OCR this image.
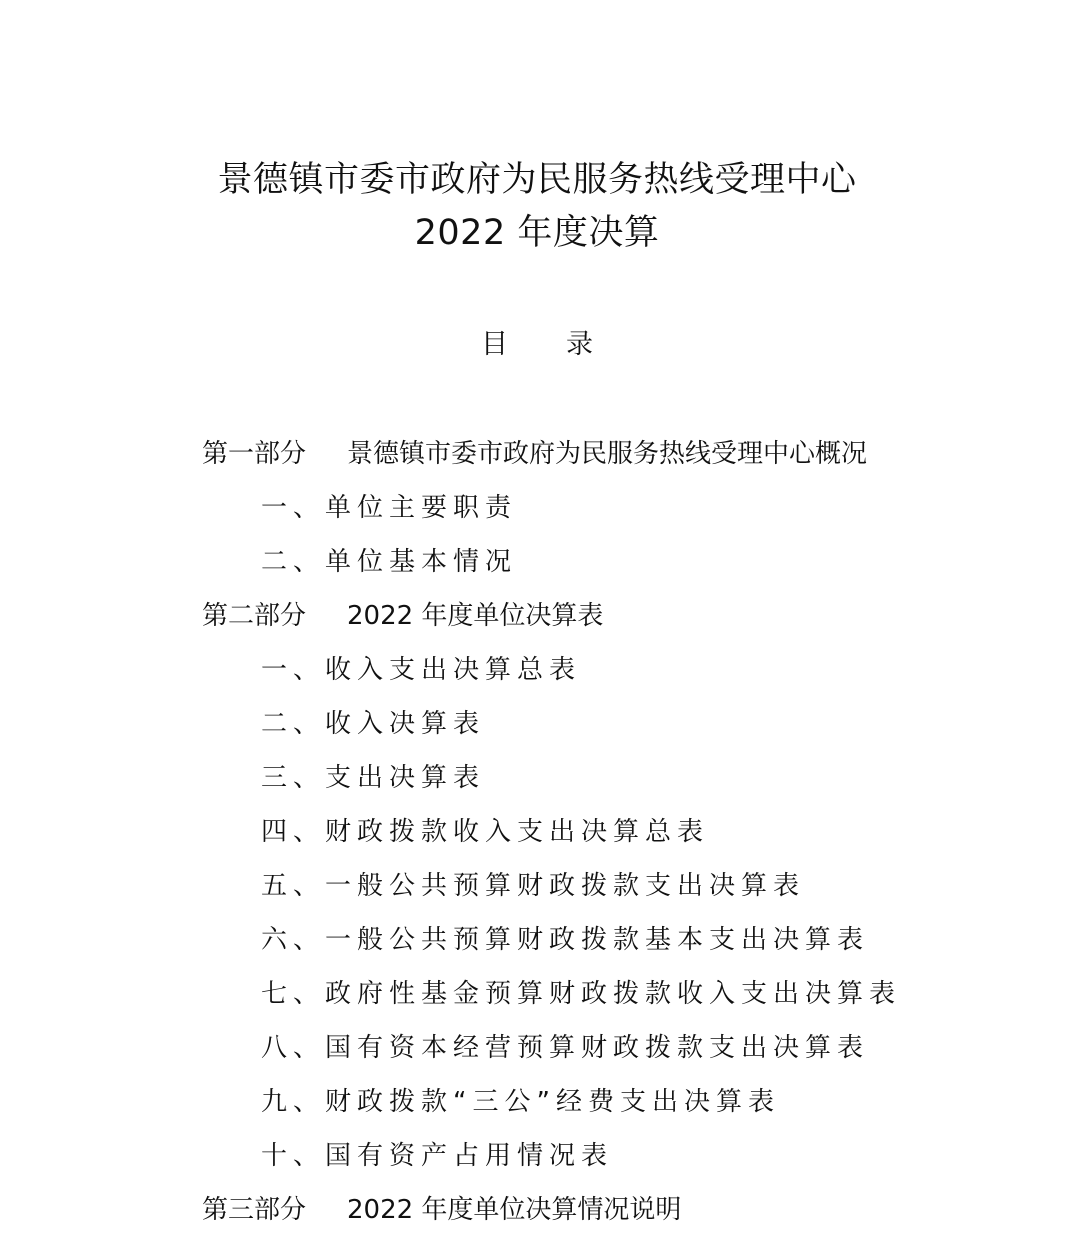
景德镇市委市政府为民服务热线受理中心
2022 年度决算
目录
第一部分 景德镇市委市政府为民服务热线受理中心概况
一、单位主要职责
二、单位基本情况
第二部分 2022 年度单位决算表
一、收入支出决算总表
二、收入决算表
三、支出决算表
四、财政拨款收入支出决算总表
五、一般公共预算财政拨款支出决算表
六、一般公共预算财政拨款基本支出决算表
七、政府性基金预算财政拨款收入支出决算表
八、国有资本经营预算财政拨款支出决算表
九、财政拨款“三公”经费支出决算表
十、国有资产占用情况表
第三部分 2022 年度单位决算情况说明
